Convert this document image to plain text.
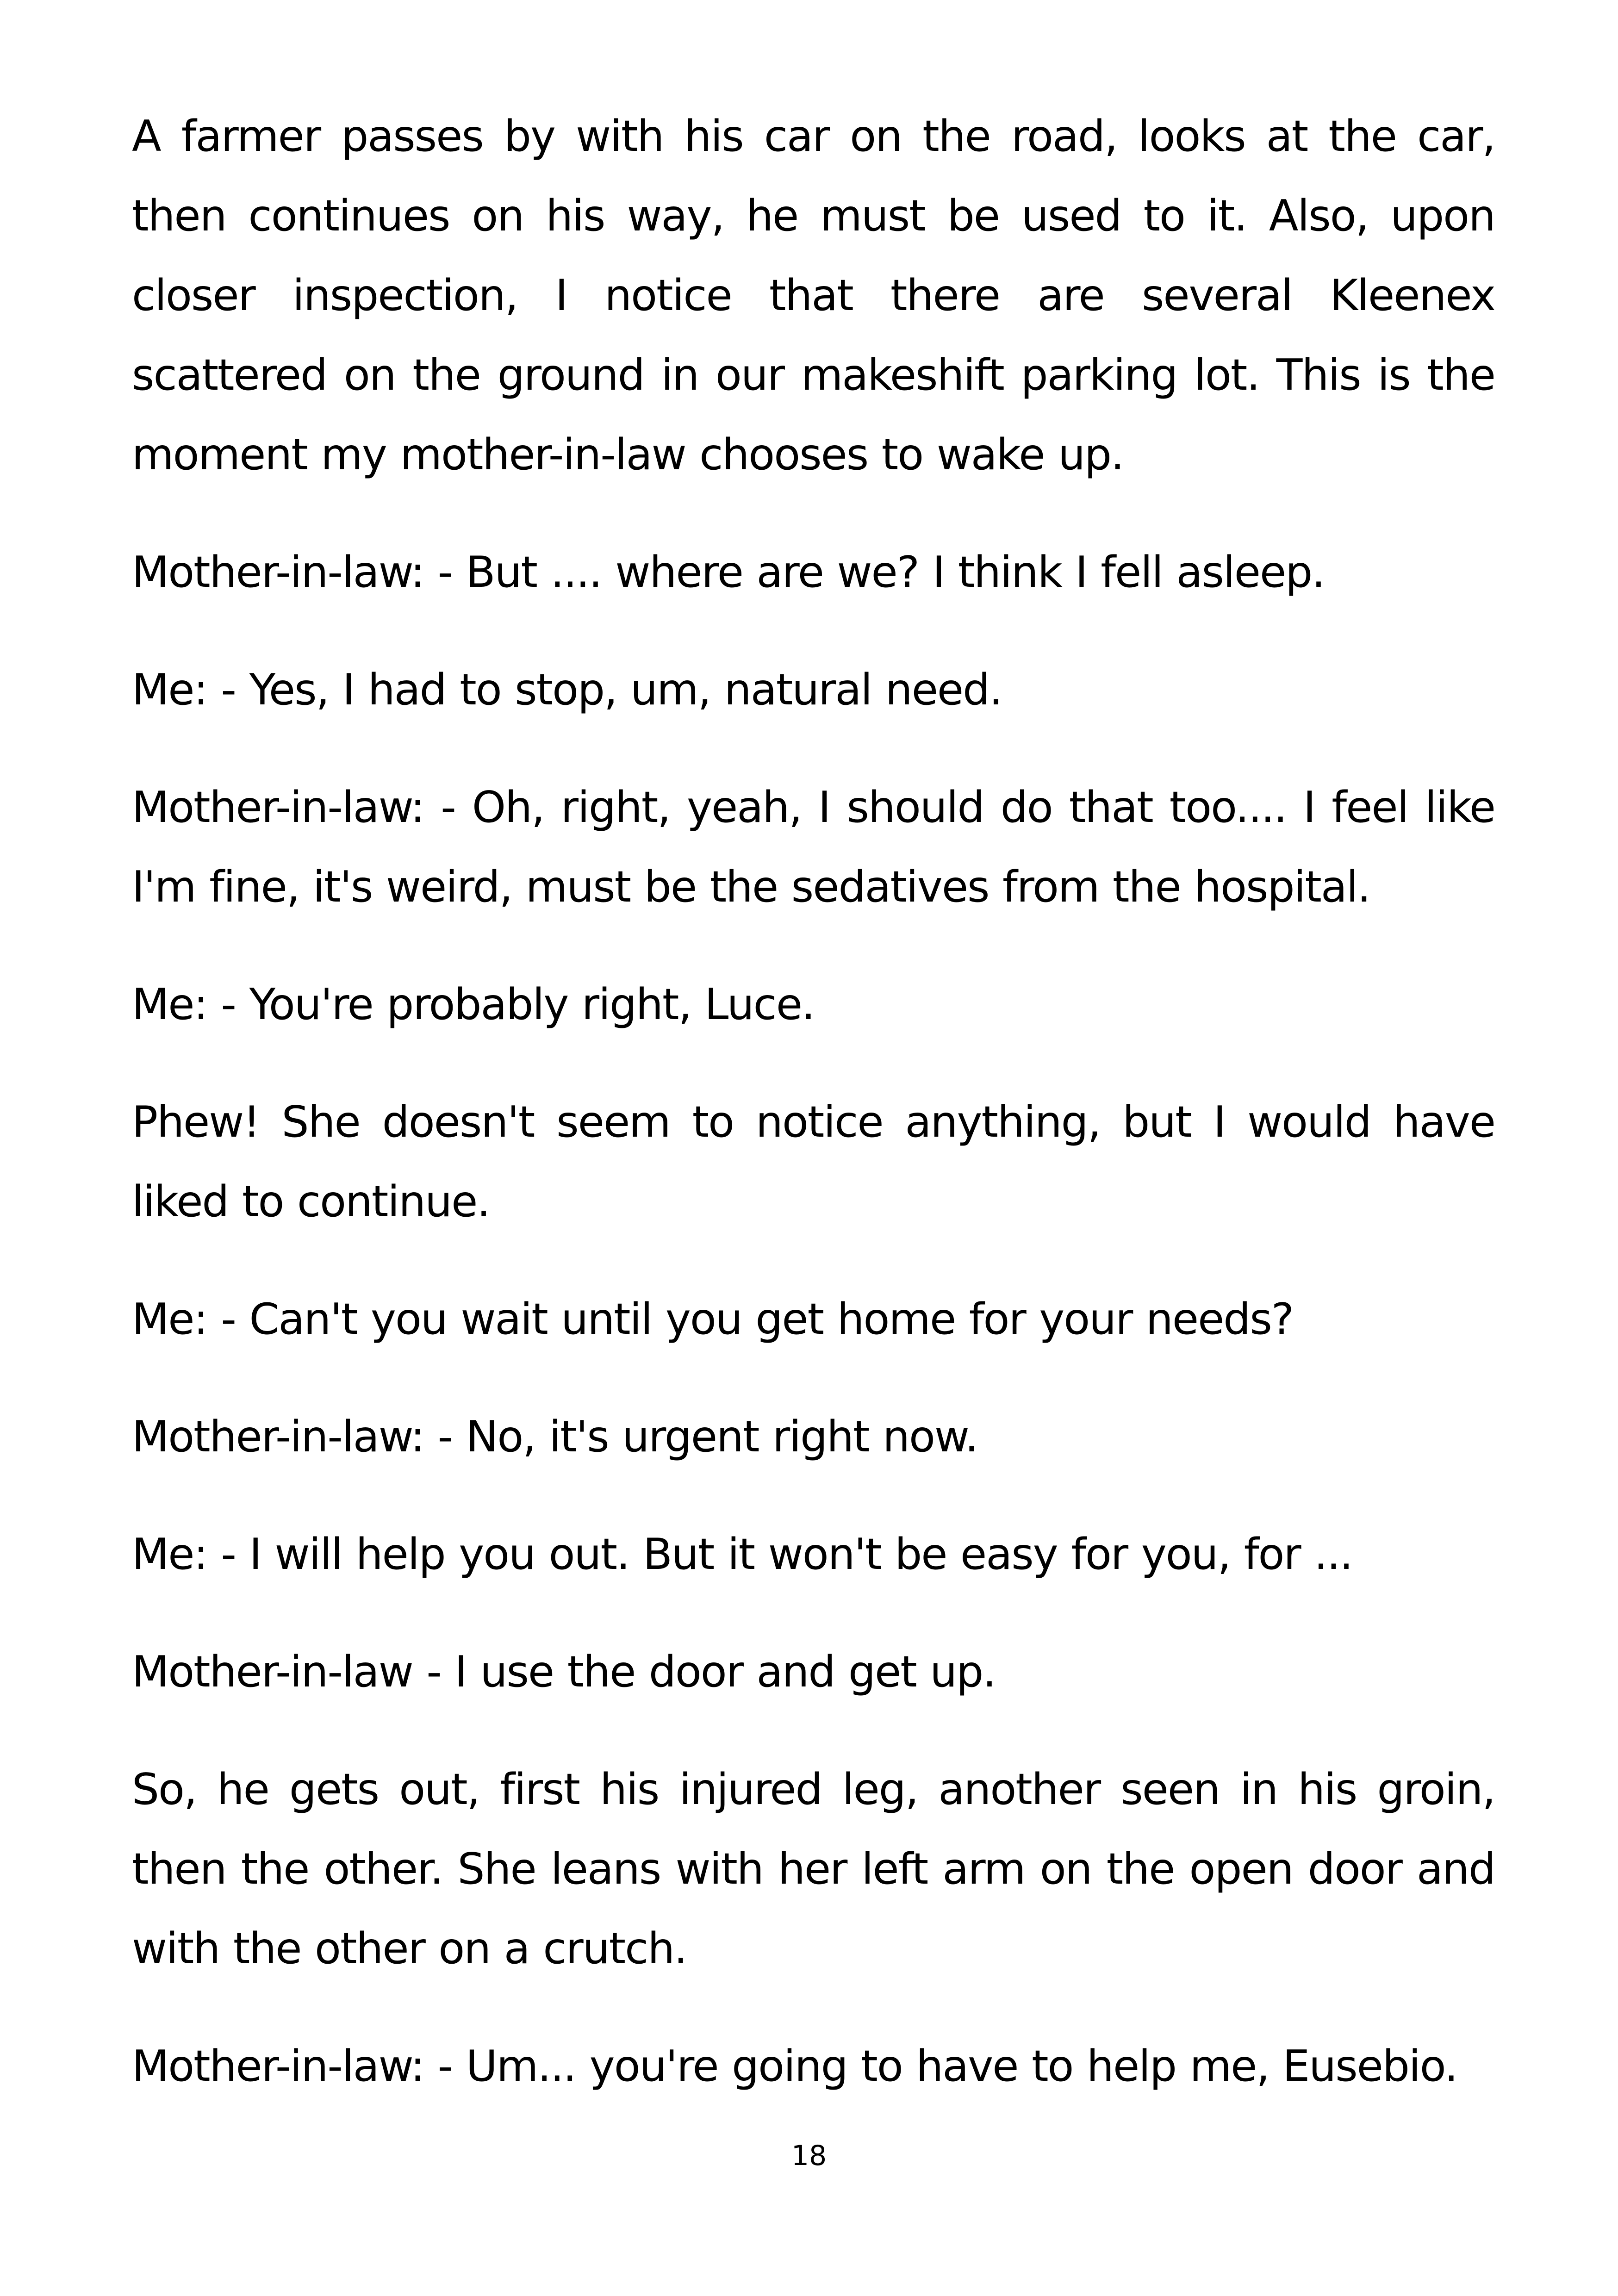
A farmer passes by with his car on the road, looks at the car, then continues on his way, he must be used to it. Also, upon closer inspection, I notice that there are several Kleenex scattered on the ground in our makeshift parking lot. This is the moment my mother-in-law chooses to wake up.

Mother-in-law: - But .... where are we? I think I fell asleep.

Me: - Yes, I had to stop, um, natural need.

Mother-in-law: - Oh, right, yeah, I should do that too.... I feel like I'm fine, it's weird, must be the sedatives from the hospital.

Me: - You're probably right, Luce.

Phew! She doesn't seem to notice anything, but I would have liked to continue.

Me: - Can't you wait until you get home for your needs?

Mother-in-law: - No, it's urgent right now.

Me: - I will help you out. But it won't be easy for you, for ...

Mother-in-law - I use the door and get up.

So, he gets out, first his injured leg, another seen in his groin, then the other. She leans with her left arm on the open door and with the other on a crutch.

Mother-in-law: - Um... you're going to have to help me, Eusebio.

18
